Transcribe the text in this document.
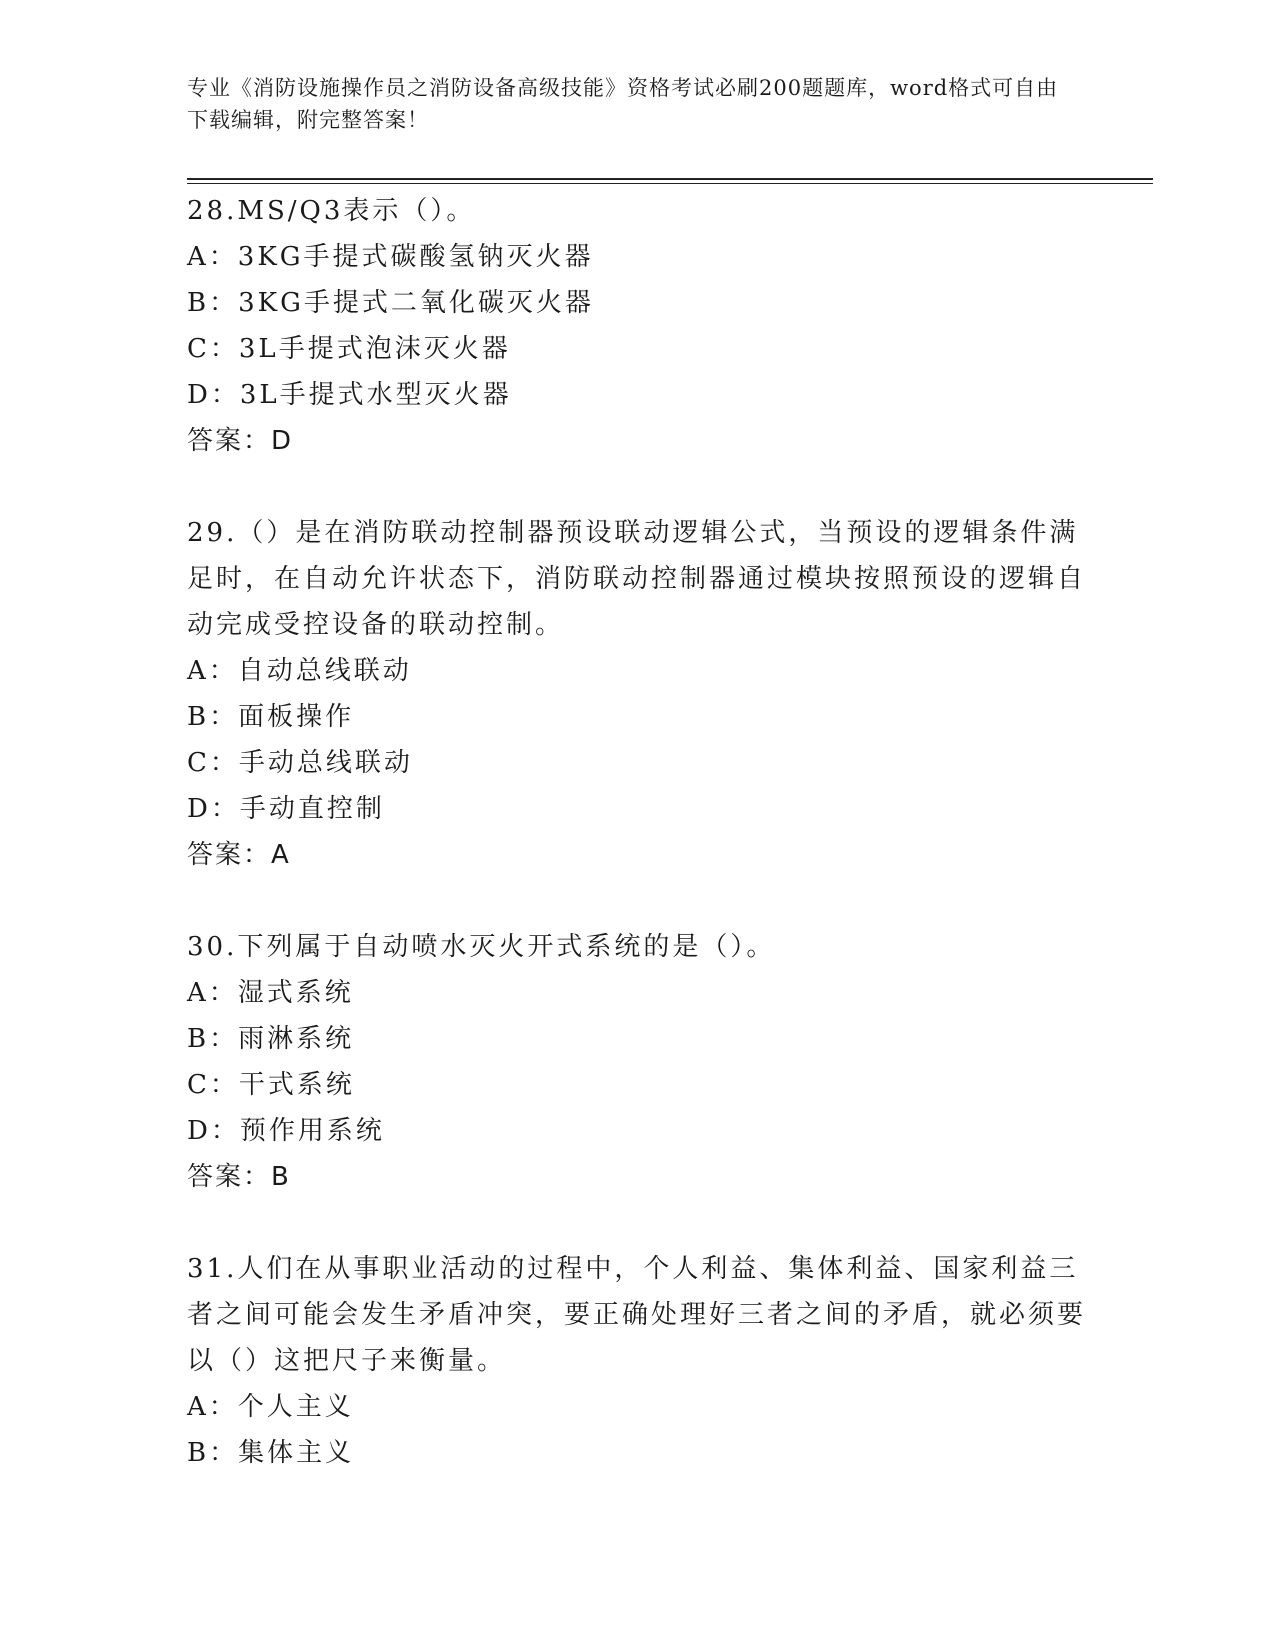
专业《消防设施操作员之消防设备高级技能》资格考试必刷200题题库，word格式可自由下载编辑，附完整答案！

28.MS/Q3表示（）。

A：3KG手提式碳酸氢钠灭火器

B：3KG手提式二氧化碳灭火器

C：3L手提式泡沫灭火器

D：3L手提式水型灭火器

答案：D

29.（）是在消防联动控制器预设联动逻辑公式，当预设的逻辑条件满足时，在自动允许状态下，消防联动控制器通过模块按照预设的逻辑自动完成受控设备的联动控制。

A：自动总线联动

B：面板操作

C：手动总线联动

D：手动直控制

答案：A

30.下列属于自动喷水灭火开式系统的是（）。

A：湿式系统

B：雨淋系统

C：干式系统

D：预作用系统

答案：B

31.人们在从事职业活动的过程中，个人利益、集体利益、国家利益三者之间可能会发生矛盾冲突，要正确处理好三者之间的矛盾，就必须要以（）这把尺子来衡量。

A：个人主义

B：集体主义
